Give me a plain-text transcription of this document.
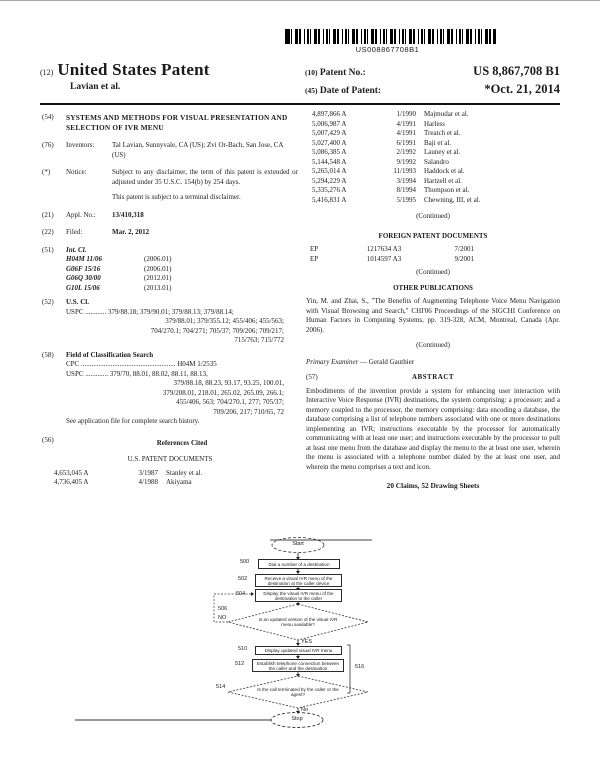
US008867708B1
(12) United States Patent
Lavian et al.
(10) Patent No.:	US 8,867,708 B1
(45) Date of Patent:	*Oct. 21, 2014
(54)	SYSTEMS AND METHODS FOR VISUAL PRESENTATION AND SELECTION OF IVR MENU
(76)	Inventors:	Tal Lavian, Sunnyvale, CA (US); Zvi Or-Bach, San Jose, CA (US)
(*)	Notice:	Subject to any disclaimer, the term of this patent is extended or adjusted under 35 U.S.C. 154(b) by 254 days.
This patent is subject to a terminal disclaimer.
(21)	Appl. No.:	13/410,318
(22)	Filed:	Mar. 2, 2012
(51)	Int. Cl.
H04M 11/06	(2006.01)
G06F 15/16	(2006.01)
G06Q 30/00	(2012.01)
G10L 15/06	(2013.01)
(52)	U.S. Cl.
USPC ............ 379/88.18; 379/90.01; 379/88.13; 379/88.14;
379/88.01; 379/355.12; 455/406; 455/563;
704/270.1; 704/271; 705/37; 709/206; 709/217;
715/763; 715/772
(58)	Field of Classification Search
CPC ...................................................... H04M 1/2535
USPC ............. 379/70, 88.01, 88.02, 88.11, 88.13,
379/88.18, 88.23, 93.17, 93.25, 100.01,
379/208.01, 218.01, 265.02, 265.09, 266.1;
455/406, 563; 704/270.1, 277; 705/37;
709/206, 217; 710/65, 72
See application file for complete search history.
(56)	References Cited
U.S. PATENT DOCUMENTS
4,653,045 A	3/1987	Stanley et al.
4,736,405 A	4/1988	Akiyama
4,897,866 A	1/1990	Majmudar et al.
5,006,987 A	4/1991	Harless
5,007,429 A	4/1991	Treatch et al.
5,027,400 A	6/1991	Baji et al.
5,086,385 A	2/1992	Launey et al.
5,144,548 A	9/1992	Salandro
5,265,014 A	11/1993	Haddock et al.
5,294,229 A	3/1994	Hartzell et al.
5,335,276 A	8/1994	Thompson et al.
5,416,831 A	5/1995	Chewning, III, et al.
(Continued)
FOREIGN PATENT DOCUMENTS
EP	1217634 A3	7/2001
EP	1014597 A3	9/2001
(Continued)
OTHER PUBLICATIONS
Yin, M. and Zhai, S., "The Benefits of Augmenting Telephone Voice Menu Navigation with Visual Browsing and Search," CHI'06 Proceedings of the SIGCHI Conference on Human Factors in Computing Systems, pp. 319-328, ACM, Montreal, Canada (Apr. 2006).
(Continued)
Primary Examiner — Gerald Gauthier
(57)	ABSTRACT
Embodiments of the invention provide a system for enhancing user interaction with Interactive Voice Response (IVR) destinations, the system comprising: a processor; and a memory coupled to the processor, the memory comprising: data encoding a database, the database comprising a list of telephone numbers associated with one or more destinations implementing an IVR; instructions executable by the processor for automatically communicating with at least one user; and instructions executable by the processor to pull at least one menu from the database and display the menu to the at least one user, wherein the menu is associated with a telephone number dialed by the at least one user, and wherein the menu comprises a text and icon.
20 Claims, 52 Drawing Sheets
Start
500	Dial a number of a destination
502	Receive a visual IVR menu of the destination at the caller device
504	Display the visual IVR menu of the destination to the caller
506
NO	Is an updated version of the visual IVR menu available?
YES
510	Display updated visual IVR menu
512	Establish telephone connection between the caller and the destination	516
514	Is the call terminated by the caller or the agent?
No
Stop
